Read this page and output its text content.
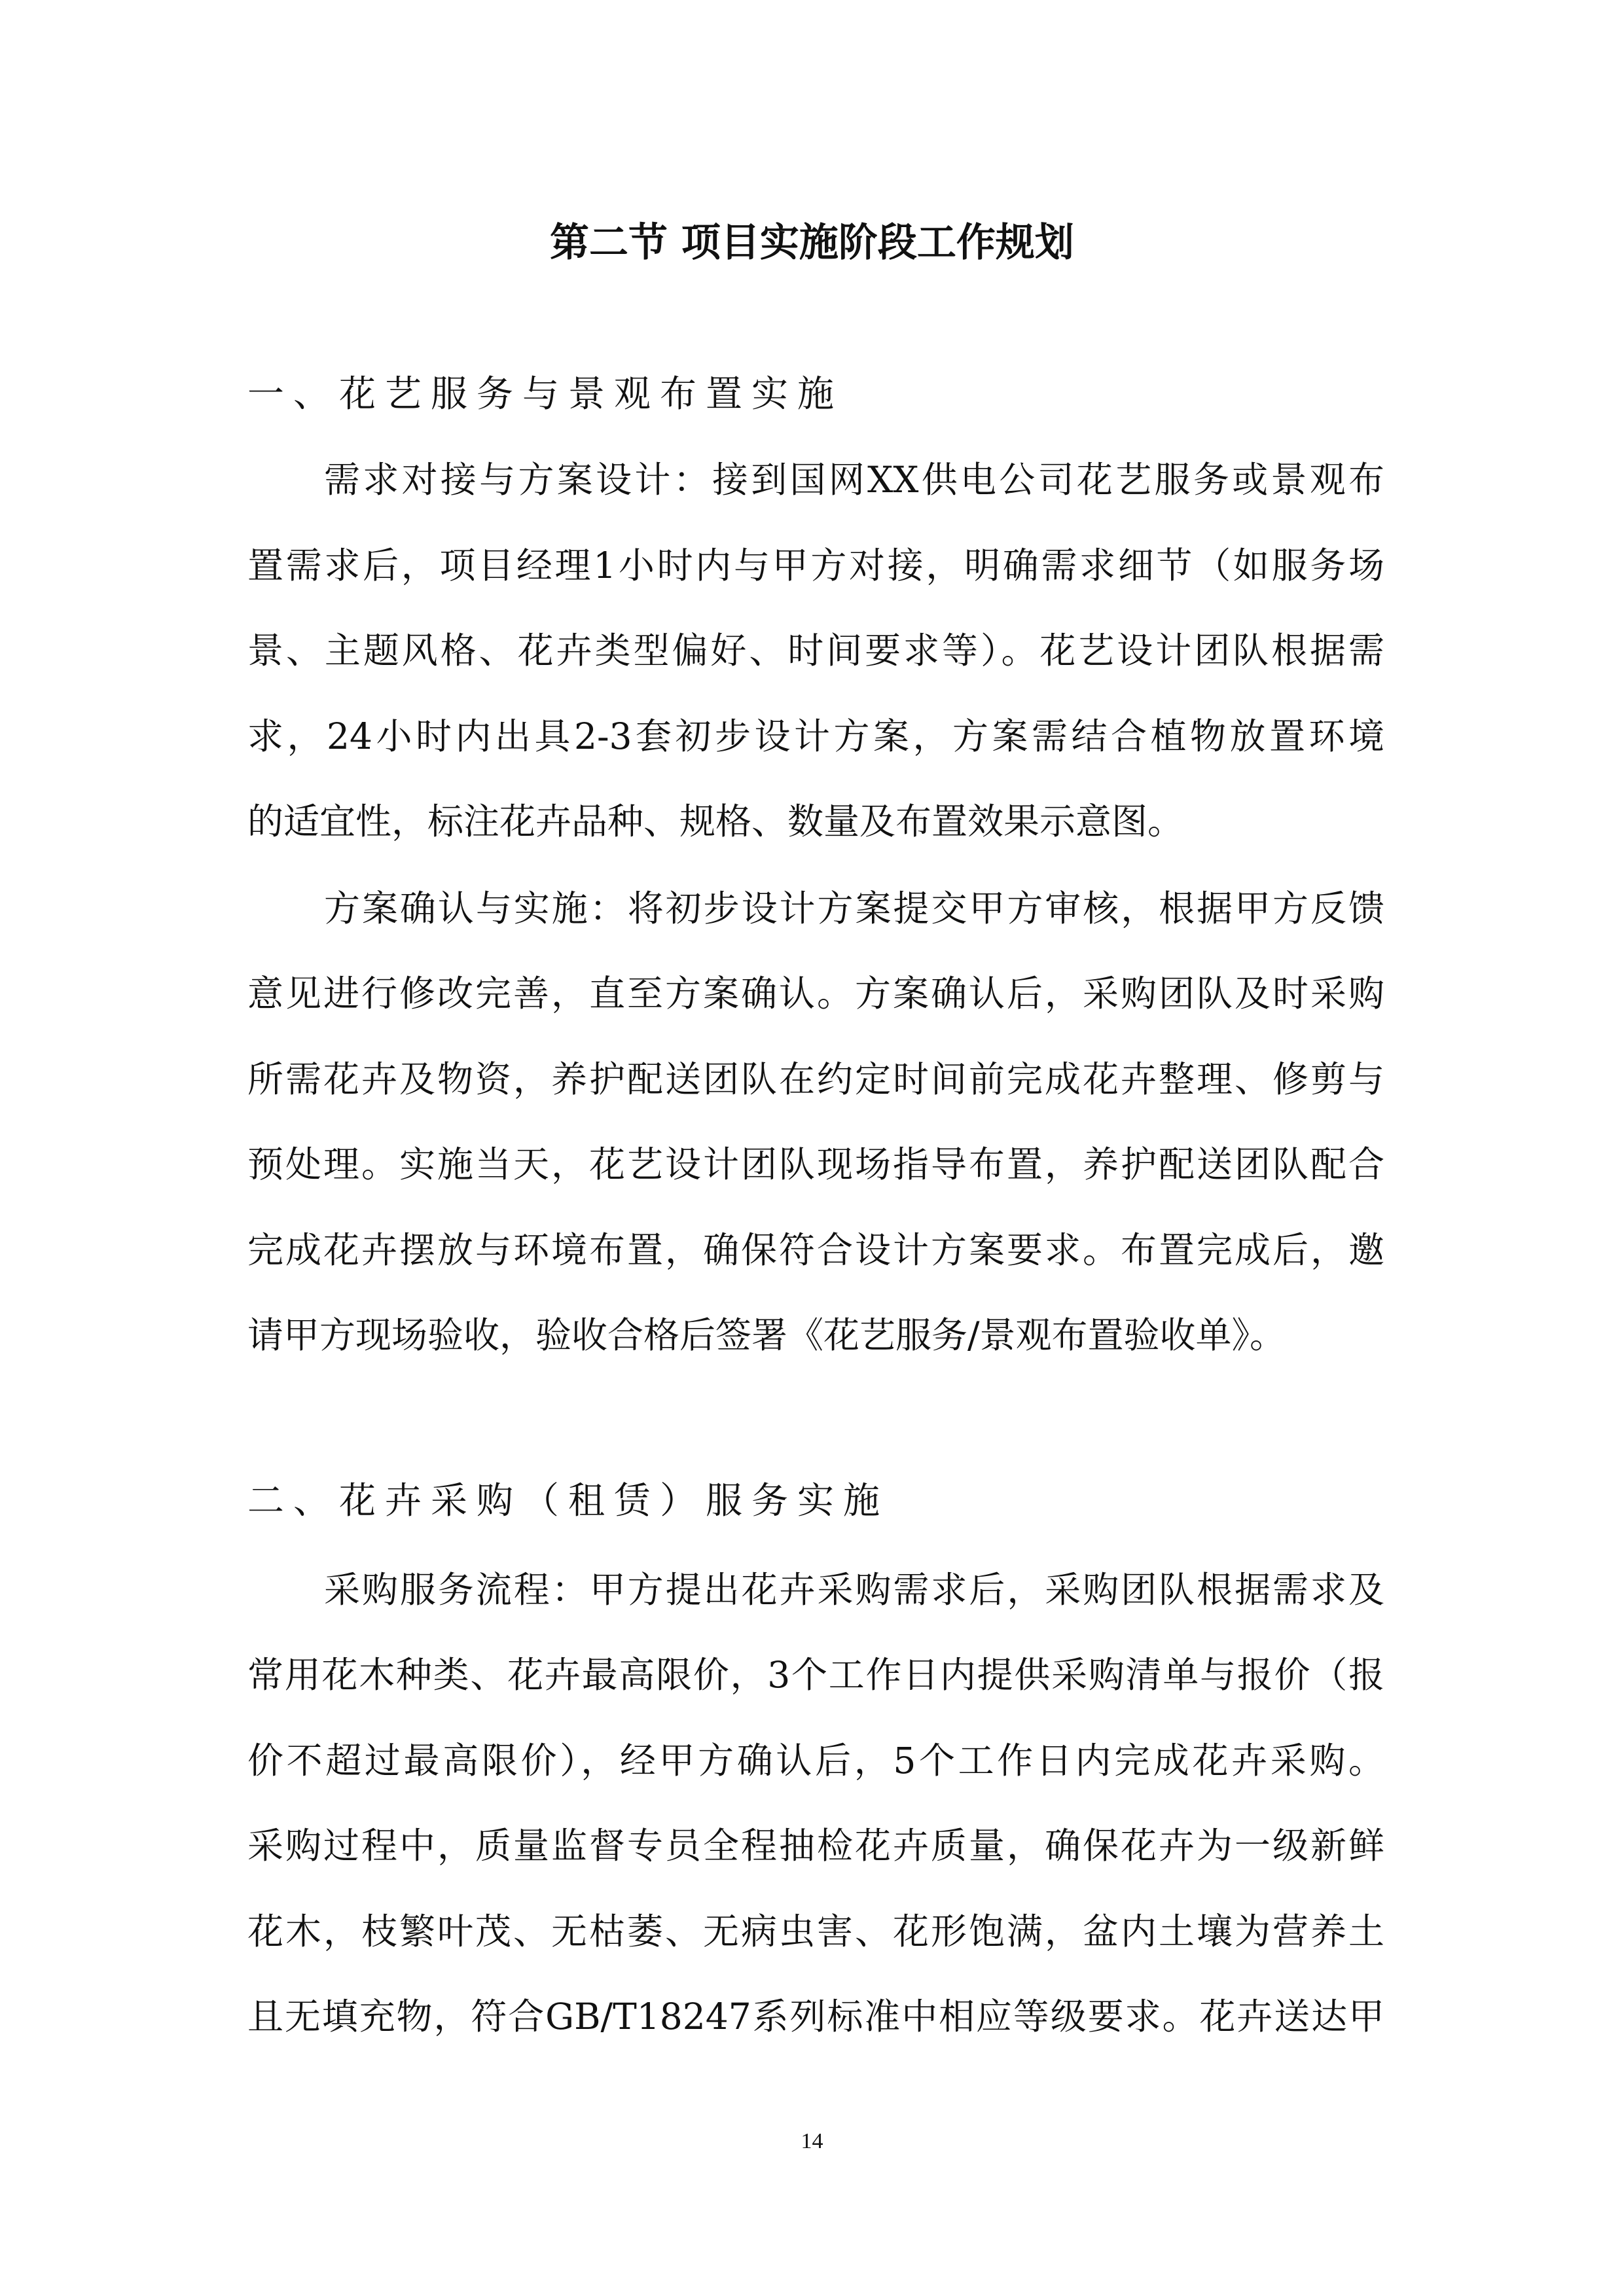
第二节 项目实施阶段工作规划
一、花艺服务与景观布置实施
需求对接与方案设计：接到国网XX供电公司花艺服务或景观布
置需求后，项目经理1小时内与甲方对接，明确需求细节（如服务场
景、主题风格、花卉类型偏好、时间要求等）。花艺设计团队根据需
求，24小时内出具2-3套初步设计方案，方案需结合植物放置环境
的适宜性，标注花卉品种、规格、数量及布置效果示意图。
方案确认与实施：将初步设计方案提交甲方审核，根据甲方反馈
意见进行修改完善，直至方案确认。方案确认后，采购团队及时采购
所需花卉及物资，养护配送团队在约定时间前完成花卉整理、修剪与
预处理。实施当天，花艺设计团队现场指导布置，养护配送团队配合
完成花卉摆放与环境布置，确保符合设计方案要求。布置完成后，邀
请甲方现场验收，验收合格后签署《花艺服务/景观布置验收单》。
二、花卉采购（租赁）服务实施
采购服务流程：甲方提出花卉采购需求后，采购团队根据需求及
常用花木种类、花卉最高限价，3个工作日内提供采购清单与报价（报
价不超过最高限价），经甲方确认后，5个工作日内完成花卉采购。
采购过程中，质量监督专员全程抽检花卉质量，确保花卉为一级新鲜
花木，枝繁叶茂、无枯萎、无病虫害、花形饱满，盆内土壤为营养土
且无填充物，符合GB/T18247系列标准中相应等级要求。花卉送达甲
14
